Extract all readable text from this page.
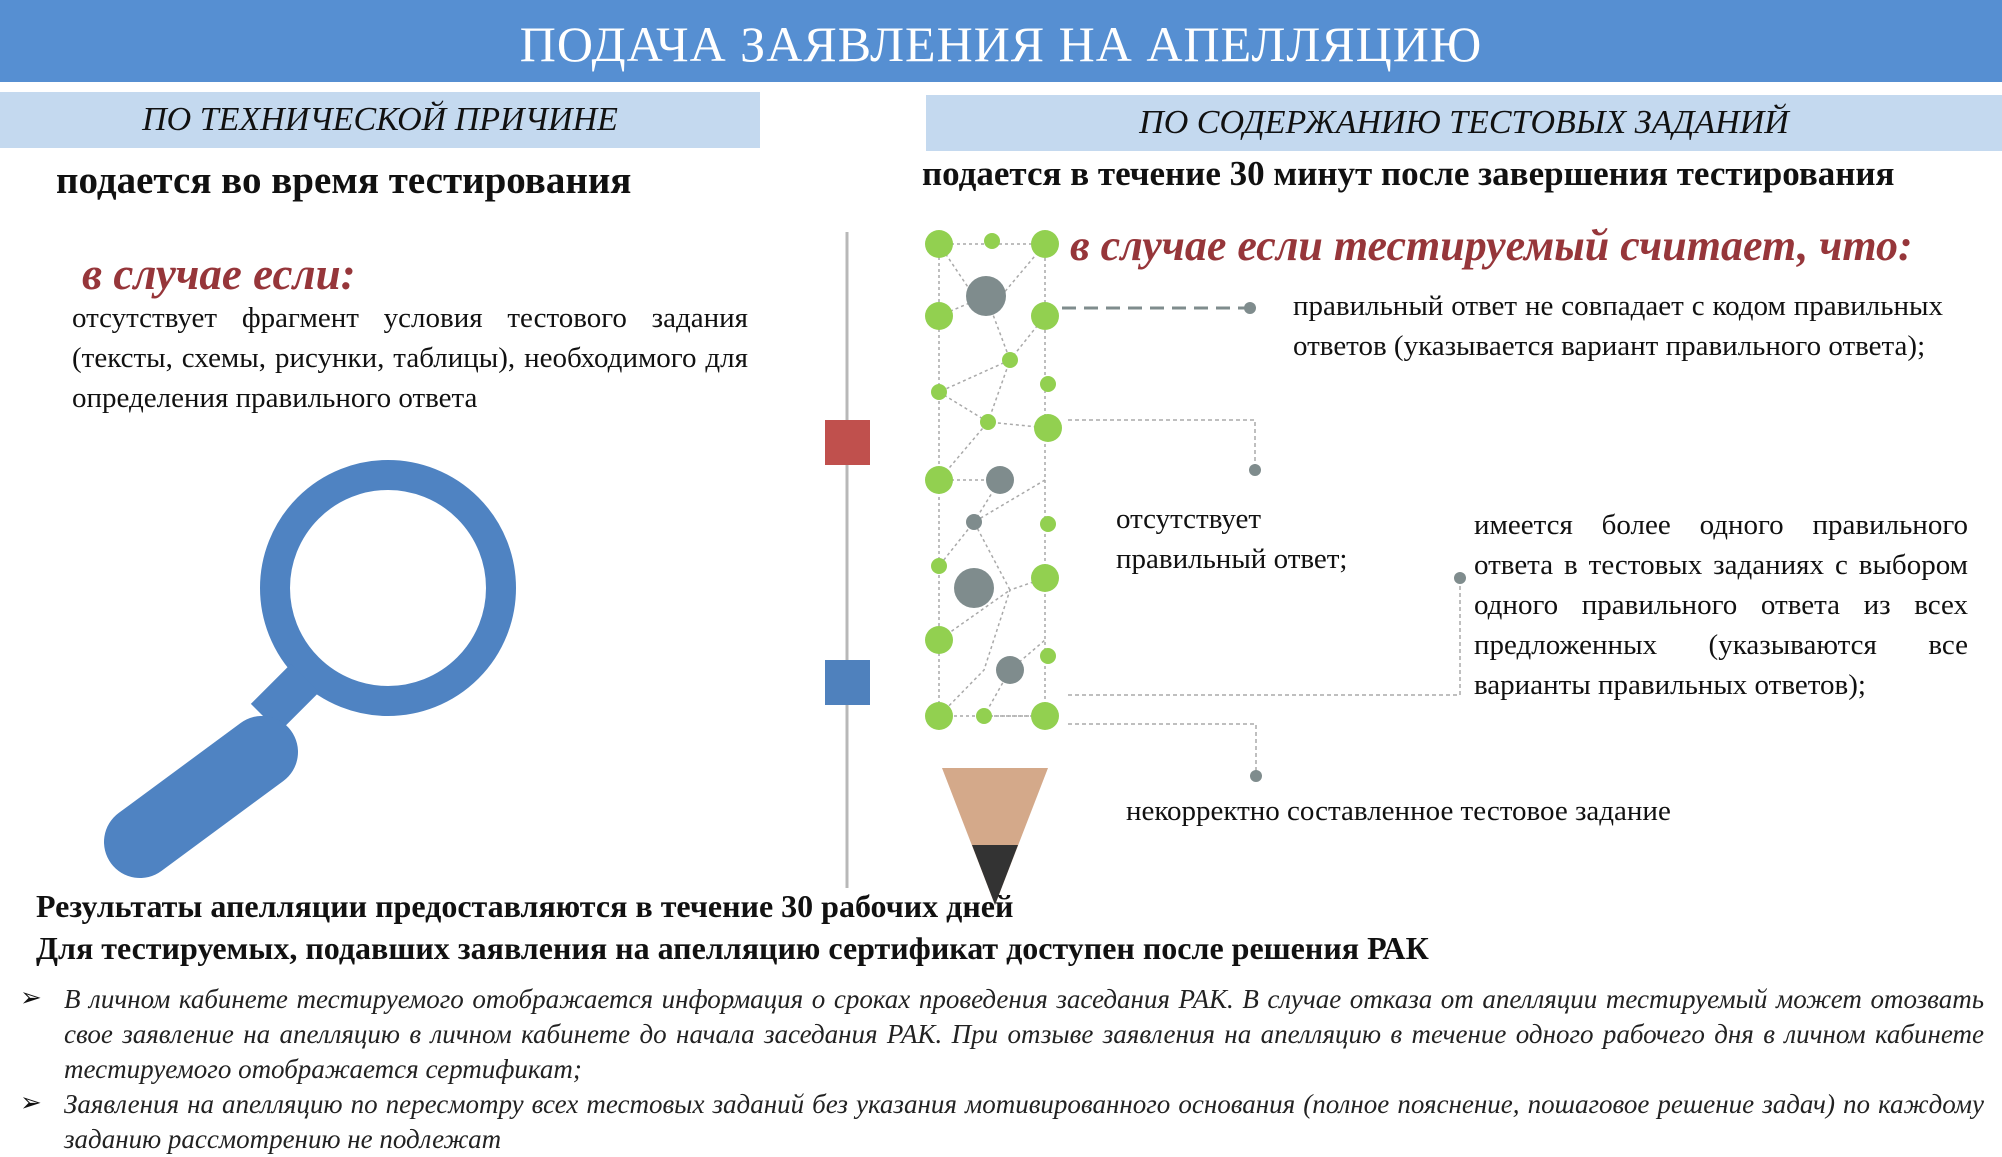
ПОДАЧА ЗАЯВЛЕНИЯ НА АПЕЛЛЯЦИЮ
ПО ТЕХНИЧЕСКОЙ ПРИЧИНЕ	ПО СОДЕРЖАНИЮ ТЕСТОВЫХ ЗАДАНИЙ
подается во время тестирования	подается в течение 30 минут после завершения тестирования
в случае если:
в случае если тестируемый считает, что:
отсутствует фрагмент условия тестового задания (тексты, схемы, рисунки, таблицы), необходимого для определения правильного ответа
правильный ответ не совпадает с кодом правильных ответов (указывается вариант правильного ответа);
отсутствует правильный ответ;
имеется более одного правильного ответа в тестовых заданиях с выбором одного правильного ответа из всех предложенных (указываются все варианты правильных ответов);
некорректно составленное тестовое задание
Результаты апелляции предоставляются в течение 30 рабочих дней
Для тестируемых, подавших заявления на апелляцию сертификат доступен после решения РАК
➢ В личном кабинете тестируемого отображается информация о сроках проведения заседания РАК. В случае отказа от апелляции тестируемый может отозвать свое заявление на апелляцию в личном кабинете до начала заседания РАК. При отзыве заявления на апелляцию в течение одного рабочего дня в личном кабинете тестируемого отображается сертификат;
➢ Заявления на апелляцию по пересмотру всех тестовых заданий без указания мотивированного основания (полное пояснение, пошаговое решение задач) по каждому заданию рассмотрению не подлежат
